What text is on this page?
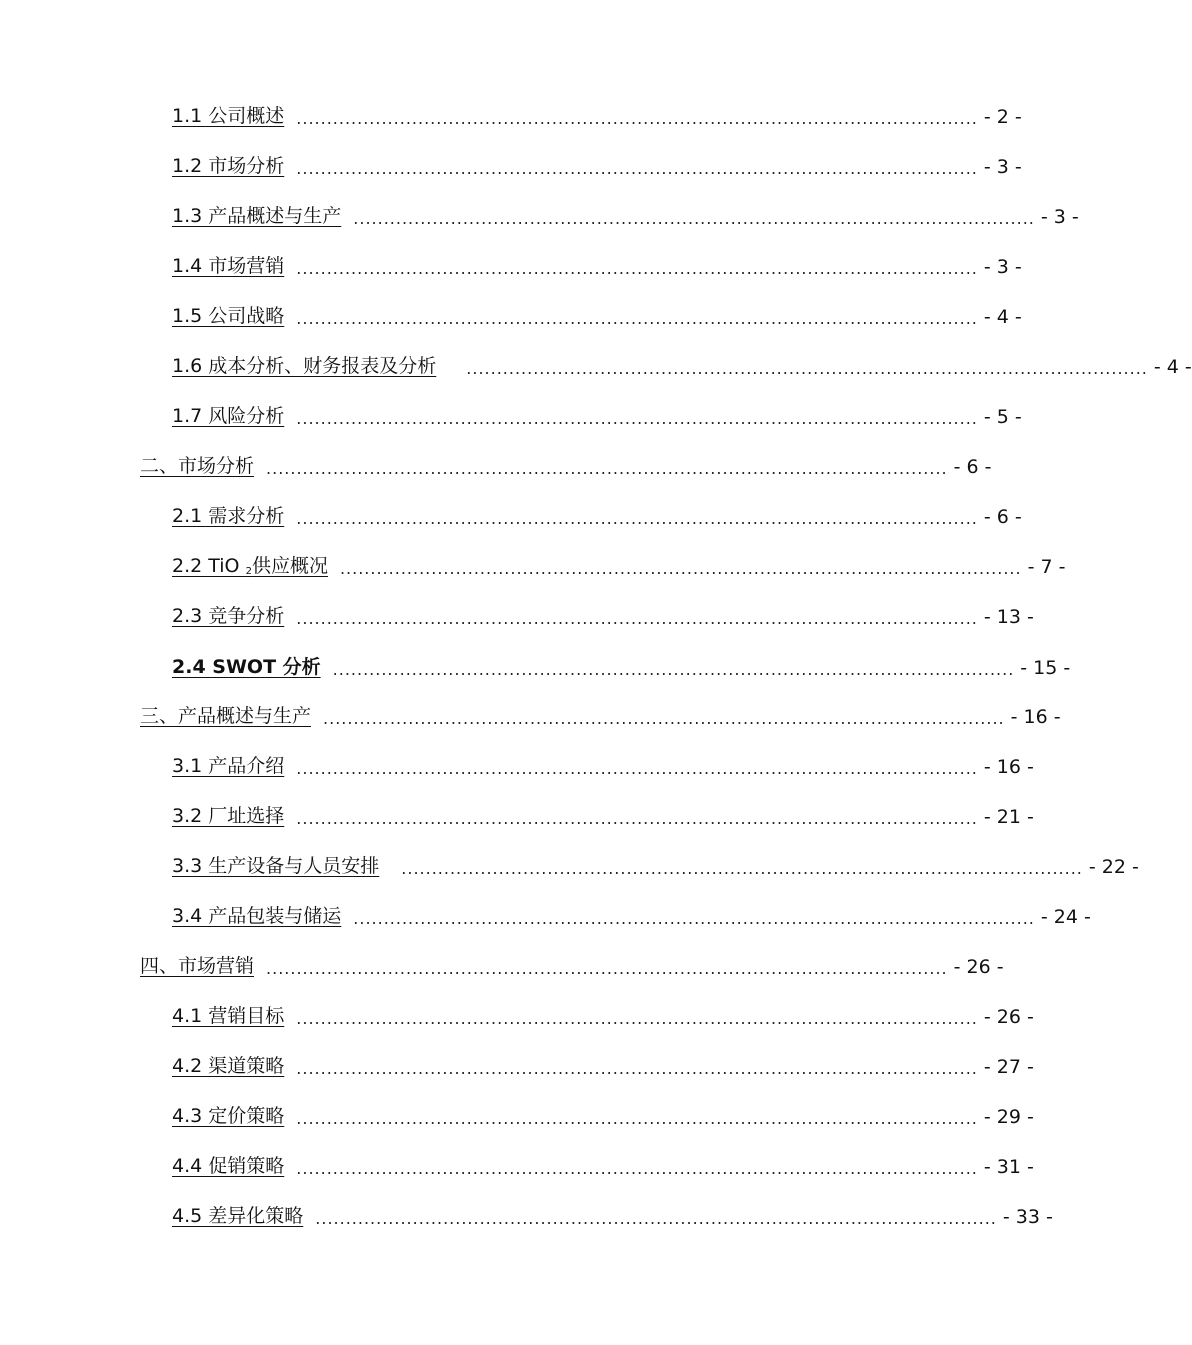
1.1 公司概述 ................................................................................................................ - 2 -
1.2 市场分析 ................................................................................................................ - 3 -
1.3 产品概述与生产 ................................................................................................................ - 3 -
1.4 市场营销 ................................................................................................................ - 3 -
1.5 公司战略 ................................................................................................................ - 4 -
1.6 成本分析、财务报表及分析	................................................................................................................ - 4 -
1.7 风险分析 ................................................................................................................ - 5 -
二、市场分析 ................................................................................................................ - 6 -
2.1 需求分析 ................................................................................................................ - 6 -
2.2 TiO 2供应概况 ................................................................................................................ - 7 -
2.3 竞争分析 ................................................................................................................ - 13 -
2.4 SWOT 分析 ................................................................................................................ - 15 -
三、产品概述与生产 ................................................................................................................ - 16 -
3.1 产品介绍 ................................................................................................................ - 16 -
3.2 厂址选择 ................................................................................................................ - 21 -
3.3 生产设备与人员安排	................................................................................................................ - 22 -
3.4 产品包装与储运 ................................................................................................................ - 24 -
四、市场营销 ................................................................................................................ - 26 -
4.1 营销目标 ................................................................................................................ - 26 -
4.2 渠道策略 ................................................................................................................ - 27 -
4.3 定价策略 ................................................................................................................ - 29 -
4.4 促销策略 ................................................................................................................ - 31 -
4.5 差异化策略 ................................................................................................................ - 33 -
